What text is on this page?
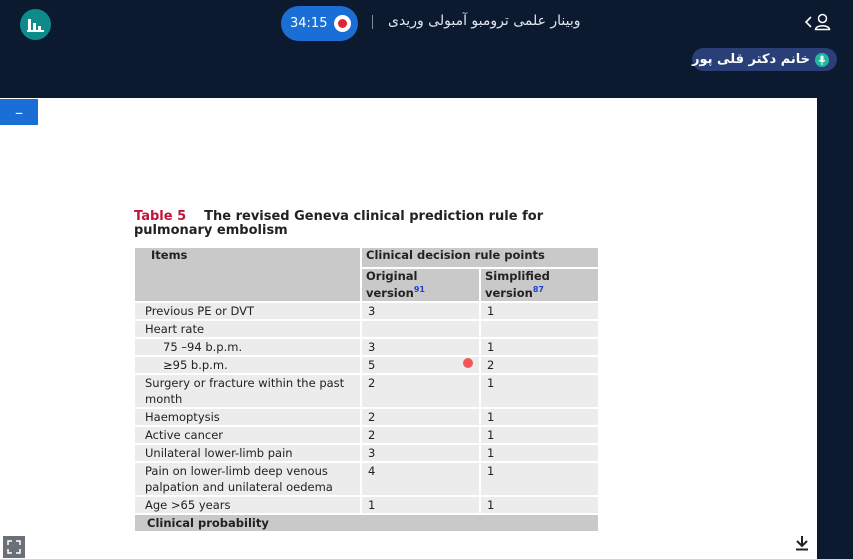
34:15	وبینار علمی ترومبو آمبولی وریدی
خانم دکتر قلی پور
–
Table 5 The revised Geneva clinical prediction rule for pulmonary embolism
Items	Clinical decision rule points	
	Original version$^{91}$	Simplified version$^{87}$
Previous PE or DVT	3	1
Heart rate		
75 –94 b.p.m.	3	1
≥95 b.p.m.	5	2
Surgery or fracture within the past month	2	1
Haemoptysis	2	1
Active cancer	2	1
Unilateral lower-limb pain	3	1
Pain on lower-limb deep venous palpation and unilateral oedema	4	1
Age >65 years	1	1
Clinical probability		
